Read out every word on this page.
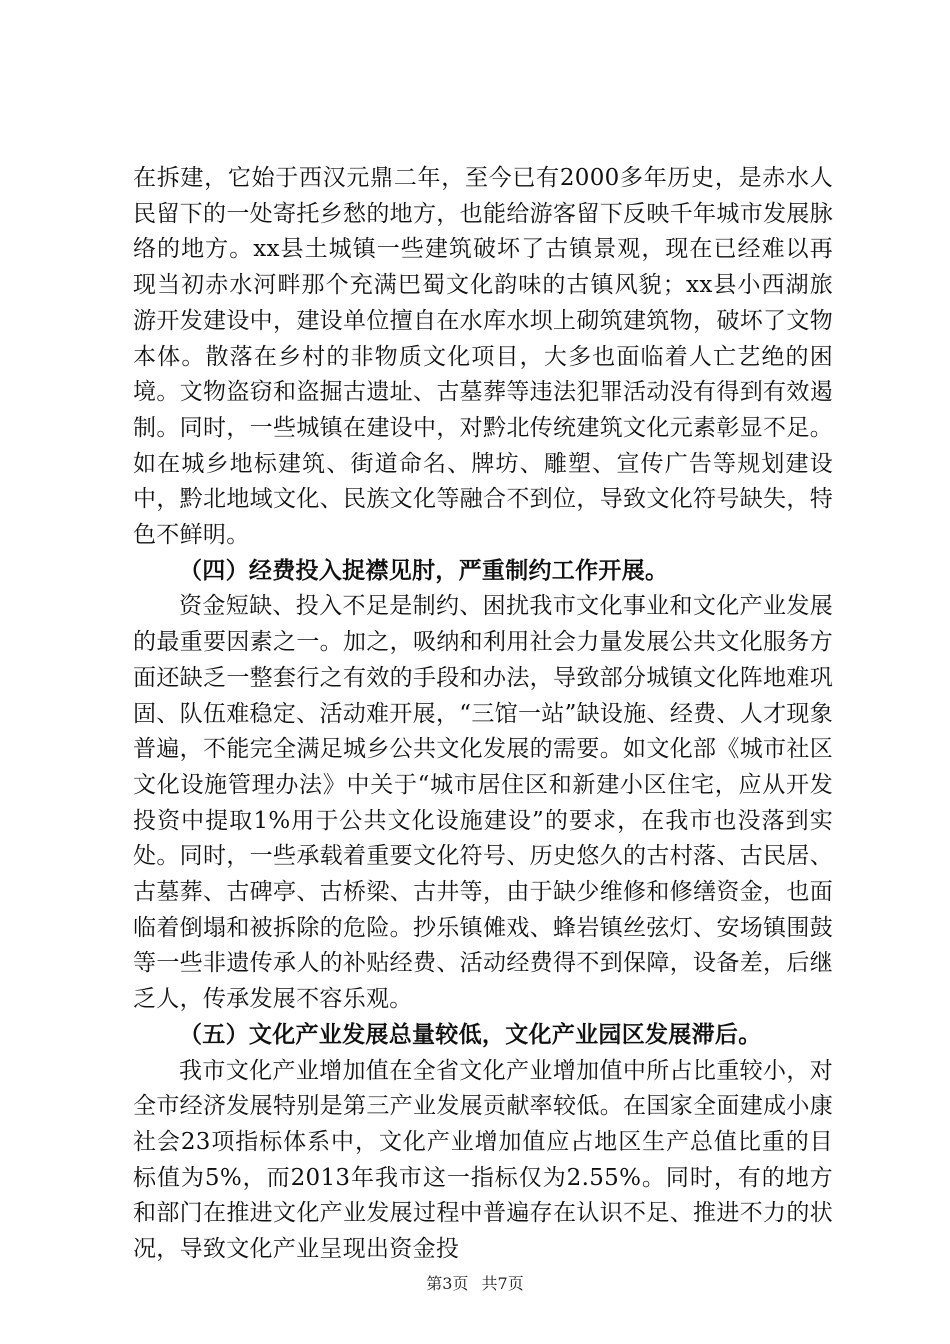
在拆建，它始于西汉元鼎二年，至今已有2000多年历史，是赤水人民留下的一处寄托乡愁的地方，也能给游客留下反映千年城市发展脉络的地方。xx县土城镇一些建筑破坏了古镇景观，现在已经难以再现当初赤水河畔那个充满巴蜀文化韵味的古镇风貌；xx县小西湖旅游开发建设中，建设单位擅自在水库水坝上砌筑建筑物，破坏了文物本体。散落在乡村的非物质文化项目，大多也面临着人亡艺绝的困境。文物盗窃和盗掘古遗址、古墓葬等违法犯罪活动没有得到有效遏制。同时，一些城镇在建设中，对黔北传统建筑文化元素彰显不足。如在城乡地标建筑、街道命名、牌坊、雕塑、宣传广告等规划建设中，黔北地域文化、民族文化等融合不到位，导致文化符号缺失，特色不鲜明。

（四）经费投入捉襟见肘，严重制约工作开展。

资金短缺、投入不足是制约、困扰我市文化事业和文化产业发展的最重要因素之一。加之，吸纳和利用社会力量发展公共文化服务方面还缺乏一整套行之有效的手段和办法，导致部分城镇文化阵地难巩固、队伍难稳定、活动难开展，“三馆一站”缺设施、经费、人才现象普遍，不能完全满足城乡公共文化发展的需要。如文化部《城市社区文化设施管理办法》中关于“城市居住区和新建小区住宅，应从开发投资中提取1%用于公共文化设施建设”的要求，在我市也没落到实处。同时，一些承载着重要文化符号、历史悠久的古村落、古民居、古墓葬、古碑亭、古桥梁、古井等，由于缺少维修和修缮资金，也面临着倒塌和被拆除的危险。抄乐镇傩戏、蜂岩镇丝弦灯、安场镇围鼓等一些非遗传承人的补贴经费、活动经费得不到保障，设备差，后继乏人，传承发展不容乐观。

（五）文化产业发展总量较低，文化产业园区发展滞后。

我市文化产业增加值在全省文化产业增加值中所占比重较小，对全市经济发展特别是第三产业发展贡献率较低。在国家全面建成小康社会23项指标体系中，文化产业增加值应占地区生产总值比重的目标值为5%，而2013年我市这一指标仅为2.55%。同时，有的地方和部门在推进文化产业发展过程中普遍存在认识不足、推进不力的状况，导致文化产业呈现出资金投

第3页 共7页
